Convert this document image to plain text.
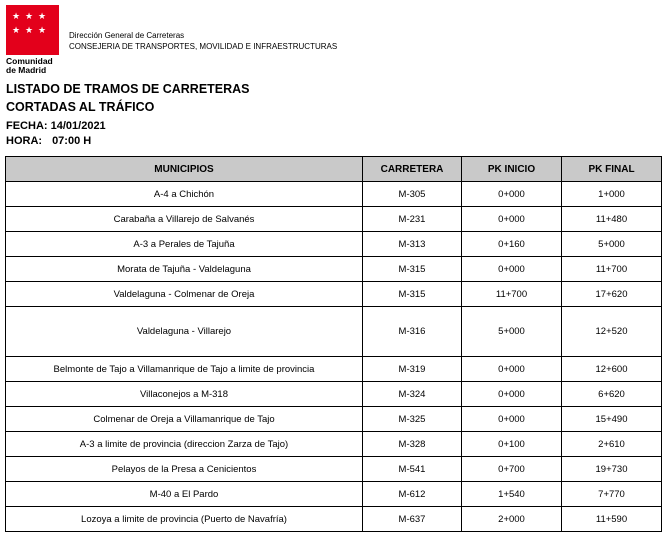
★ ★ ★
★ ★ ★
Comunidad
de Madrid
Dirección General de Carreteras
CONSEJERIA DE TRANSPORTES, MOVILIDAD E INFRAESTRUCTURAS
LISTADO DE TRAMOS DE CARRETERAS
CORTADAS AL TRÁFICO
FECHA: 14/01/2021
HORA: 07:00 H
MUNICIPIOS	CARRETERA	PK INICIO	PK FINAL
A-4 a Chichón	M-305	0+000	1+000
Carabaña a Villarejo de Salvanés	M-231	0+000	11+480
A-3 a Perales de Tajuña	M-313	0+160	5+000
Morata de Tajuña - Valdelaguna	M-315	0+000	11+700
Valdelaguna - Colmenar de Oreja	M-315	11+700	17+620
Valdelaguna - Villarejo	M-316	5+000	12+520
Belmonte de Tajo a Villamanrique de Tajo a limite de provincia	M-319	0+000	12+600
Villaconejos a M-318	M-324	0+000	6+620
Colmenar de Oreja a Villamanrique de Tajo	M-325	0+000	15+490
A-3 a limite de provincia (direccion Zarza de Tajo)	M-328	0+100	2+610
Pelayos de la Presa a Cenicientos	M-541	0+700	19+730
M-40 a El Pardo	M-612	1+540	7+770
Lozoya a limite de provincia (Puerto de Navafría)	M-637	2+000	11+590
